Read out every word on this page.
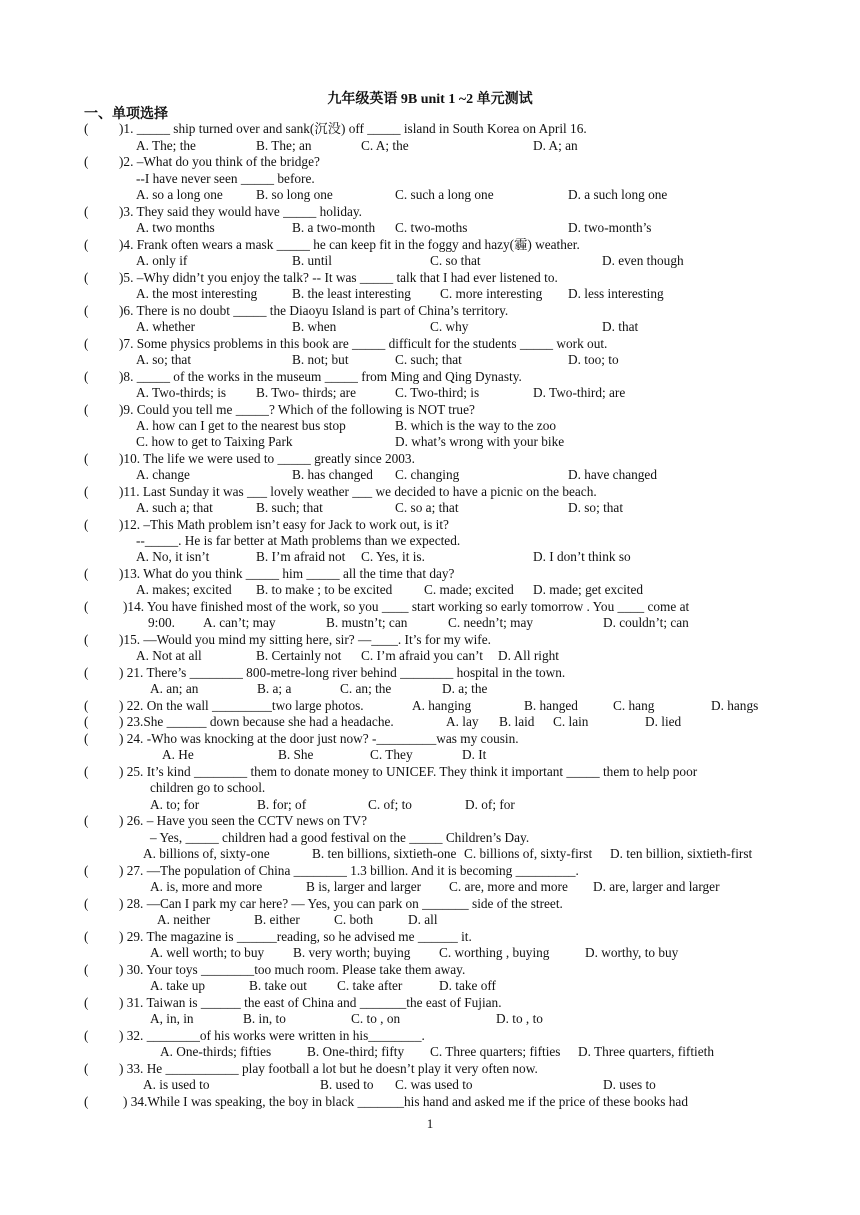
九年级英语 9B unit 1 ~2 单元测试
一、单项选择
( )1. _____ ship turned over and sank(沉没) off _____ island in South Korea on April 16.
A. The; the	B. The; an	C. A; the	D. A; an
( )2. –What do you think of the bridge?
--I have never seen _____ before.
A. so a long one B. so long one	C. such a long one	D. a such long one
( )3. They said they would have _____ holiday.
A. two months	B. a two-month C. two-moths	D. two-month’s
( )4. Frank often wears a mask _____ he can keep fit in the foggy and hazy(霾) weather.
A. only if	B. until	C. so that	D. even though
( )5. –Why didn’t you enjoy the talk? -- It was _____ talk that I had ever listened to.
A. the most interesting	B. the least interesting C. more interesting D. less interesting
( )6. There is no doubt _____ the Diaoyu Island is part of China’s territory.
A. whether	B. when	C. why	D. that
( )7. Some physics problems in this book are _____ difficult for the students _____ work out.
A. so; that	B. not; but	C. such; that	D. too; to
( )8. _____ of the works in the museum _____ from Ming and Qing Dynasty.
A. Two-thirds; is B. Two- thirds; are	C. Two-third; is	D. Two-third; are
( )9. Could you tell me _____? Which of the following is NOT true?
A. how can I get to the nearest bus stop	B. which is the way to the zoo
C. how to get to Taixing Park	D. what’s wrong with your bike
( )10. The life we were used to _____ greatly since 2003.
A. change	B. has changed C. changing	D. have changed
( )11. Last Sunday it was ___ lovely weather ___ we decided to have a picnic on the beach.
A. such a; that	B. such; that	C. so a; that	D. so; that
( )12. –This Math problem isn’t easy for Jack to work out, is it?
--_____. He is far better at Math problems than we expected.
A. No, it isn’t	B. I’m afraid not C. Yes, it is.	D. I don’t think so
( )13. What do you think _____ him _____ all the time that day?
A. makes; excited B. to make ; to be excited C. made; excited D. made; get excited
(	)14. You have finished most of the work, so you ____ start working so early tomorrow . You ____ come at
9:00. A. can’t; may	B. mustn’t; can	C. needn’t; may	D. couldn’t; can
( )15. —Would you mind my sitting here, sir? —____. It’s for my wife.
A. Not at all	B. Certainly not C. I’m afraid you can’t D. All right
( ) 21. There’s ________ 800-metre-long river behind ________ hospital in the town.
A. an; an	B. a; a	C. an; the	D. a; the
( ) 22. On the wall _________two large photos.	A. hanging	B. hanged	C. hang	D. hangs
( ) 23.She ______ down because she had a headache.	A. lay B. laid C. lain	D. lied
( ) 24. -Who was knocking at the door just now? -_________was my cousin.
A. He	B. She	C. They	D. It
( ) 25. It’s kind ________ them to donate money to UNICEF. They think it important _____ them to help poor
children go to school.
A. to; for	B. for; of	C. of; to	D. of; for
( ) 26. – Have you seen the CCTV news on TV?
– Yes, _____ children had a good festival on the _____ Children’s Day.
A. billions of, sixty-one	B. ten billions, sixtieth-one C. billions of, sixty-first D. ten billion, sixtieth-first
( ) 27. —The population of China ________ 1.3 billion. And it is becoming _________.
A. is, more and more	B is, larger and larger C. are, more and more D. are, larger and larger
( ) 28. —Can I park my car here? — Yes, you can park on _______ side of the street.
A. neither	B. either	C. both	D. all
( ) 29. The magazine is ______reading, so he advised me ______ it.
A. well worth; to buy B. very worth; buying C. worthing , buying	D. worthy, to buy
( ) 30. Your toys ________too much room. Please take them away.
A. take up	B. take out C. take after	D. take off
( ) 31. Taiwan is ______ the east of China and _______the east of Fujian.
A, in, in	B. in, to	C. to , on	D. to , to
( ) 32. ________of his works were written in his________.
A. One-thirds; fifties	B. One-third; fifty C. Three quarters; fifties D. Three quarters, fiftieth
( ) 33. He ___________ play football a lot but he doesn’t play it very often now.
A. is used to	B. used to C. was used to	D. uses to
(	) 34.While I was speaking, the boy in black _______his hand and asked me if the price of these books had
1
